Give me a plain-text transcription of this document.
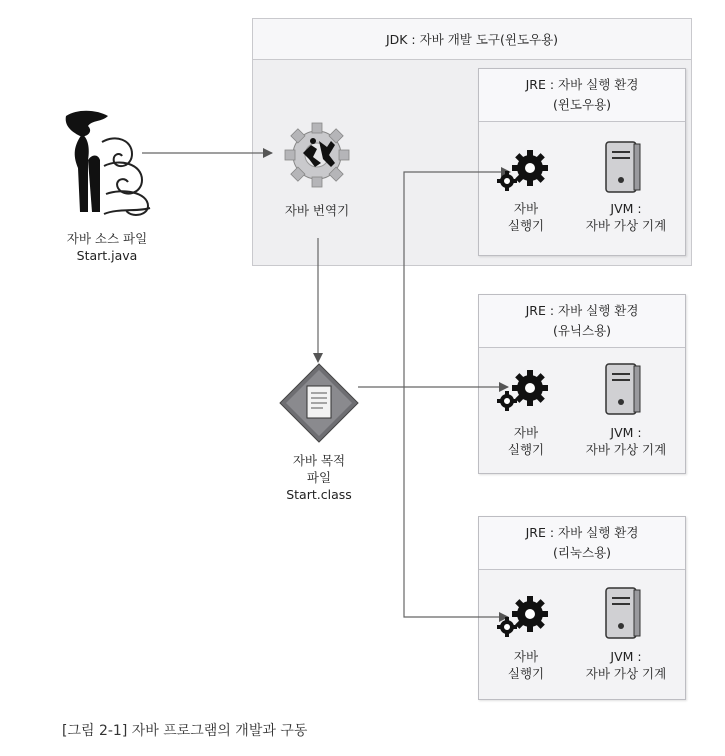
JDK : 자바 개발 도구(윈도우용)
JRE : 자바 실행 환경
(윈도우용)
JRE : 자바 실행 환경
(유닉스용)
JRE : 자바 실행 환경
(리눅스용)
자바 소스 파일
Start.java
자바 번역기
자바 목적
파일
Start.class
자바
실행기
JVM :
자바 가상 기계
자바
실행기
JVM :
자바 가상 기계
자바
실행기
JVM :
자바 가상 기계
[그림 2-1] 자바 프로그램의 개발과 구동
